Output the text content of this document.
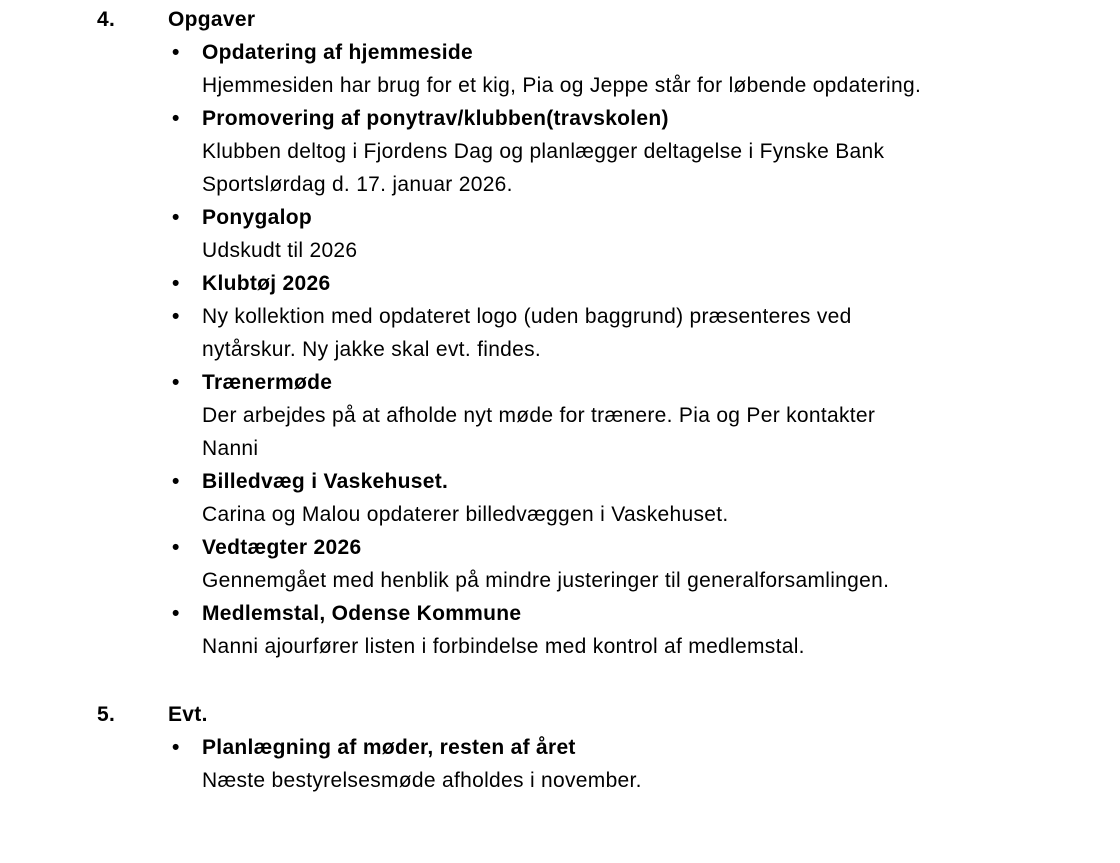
4.	Opgaver
• Opdatering af hjemmeside
Hjemmesiden har brug for et kig, Pia og Jeppe står for løbende opdatering.
• Promovering af ponytrav/klubben(travskolen)
Klubben deltog i Fjordens Dag og planlægger deltagelse i Fynske Bank
Sportslørdag d. 17. januar 2026.
• Ponygalop
Udskudt til 2026
• Klubtøj 2026
• Ny kollektion med opdateret logo (uden baggrund) præsenteres ved
nytårskur. Ny jakke skal evt. findes.
• Trænermøde
Der arbejdes på at afholde nyt møde for trænere. Pia og Per kontakter
Nanni
• Billedvæg i Vaskehuset.
Carina og Malou opdaterer billedvæggen i Vaskehuset.
• Vedtægter 2026
Gennemgået med henblik på mindre justeringer til generalforsamlingen.
• Medlemstal, Odense Kommune
Nanni ajourfører listen i forbindelse med kontrol af medlemstal.
5.	Evt.
• Planlægning af møder, resten af året
Næste bestyrelsesmøde afholdes i november.
